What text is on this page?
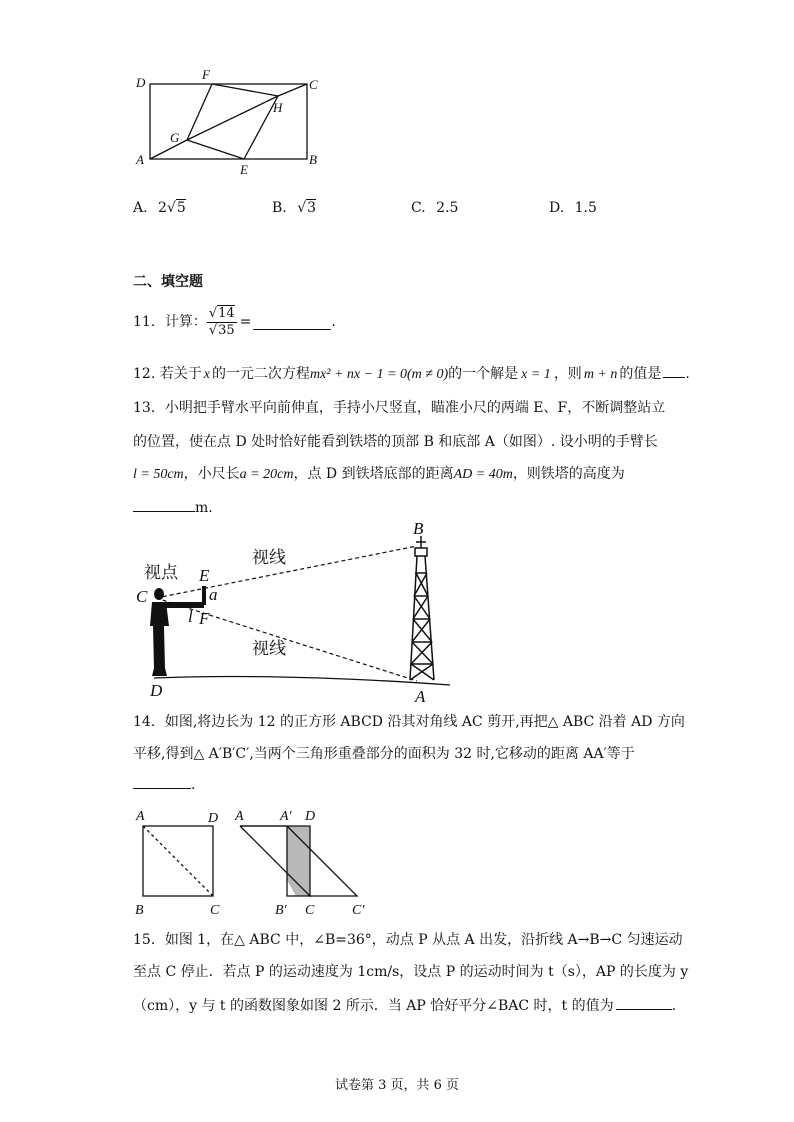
D
F
C
H
G
A
E
B
A. 2√5	B. √3	C. 2.5	D. 1.5
二、填空题
11．计算： $\frac{√14}{√35}$ =	.
12. 若关于 x 的一元二次方程mx² + nx − 1 = 0(m ≠ 0)的一个解是 x = 1 ，则 m + n 的值是 .
13．小明把手臂水平向前伸直，手持小尺竖直，瞄准小尺的两端 E、F，不断调整站立
的位置，使在点 D 处时恰好能看到铁塔的顶部 B 和底部 A（如图）. 设小明的手臂长
l = 50cm，小尺长a = 20cm，点 D 到铁塔底部的距离AD = 40m，则铁塔的高度为
m.
视点
视线
视线
C
E
a
l F
D
B
A
14．如图,将边长为 12 的正方形 ABCD 沿其对角线 AC 剪开,再把△ ABC 沿着 AD 方向
平移,得到△ A′B′C′,当两个三角形重叠部分的面积为 32 时,它移动的距离 AA′等于
.
A	D
B	C
A	A′ D
B′ C	C′
15．如图 1，在△ ABC 中，∠B=36°，动点 P 从点 A 出发，沿折线 A→B→C 匀速运动
至点 C 停止．若点 P 的运动速度为 1cm/s，设点 P 的运动时间为 t（s），AP 的长度为 y
（cm），y 与 t 的函数图象如图 2 所示．当 AP 恰好平分∠BAC 时，t 的值为	.
试卷第 3 页，共 6 页
